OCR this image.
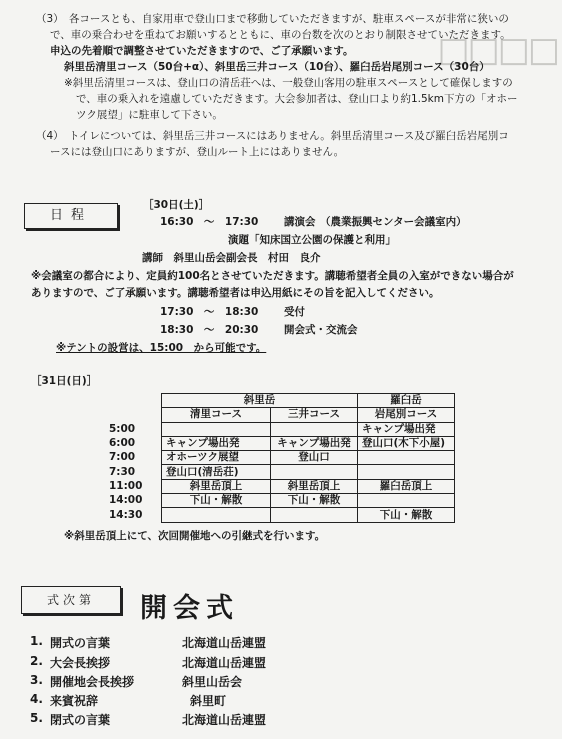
□□□□
（3）　各コースとも、自家用車で登山口まで移動していただきますが、駐車スペースが非常に狭いの
で、車の乗合わせを重ねてお願いするとともに、車の台数を次のとおり制限させていただきます。
申込の先着順で調整させていただきますので、ご了承願います。
斜里岳清里コース（50台+α）、斜里岳三井コース（10台）、羅臼岳岩尾別コース（30台）
※斜里岳清里コースは、登山口の清岳荘へは、一般登山客用の駐車スペースとして確保しますの
で、車の乗入れを遠慮していただきます。大会参加者は、登山口より約1.5km下方の「オホー
ツク展望」に駐車して下さい。
（4）　トイレについては、斜里岳三井コースにはありません。斜里岳清里コース及び羅臼岳岩尾別コ
ースには登山口にありますが、登山ルート上にはありません。
日程
［30日(土)］
16:30　～　17:30 講演会 （農業振興センター会議室内）
演題「知床国立公園の保護と利用」
講師　斜里山岳会副会長　村田　良介
※会議室の都合により、定員約100名とさせていただきます。講聴希望者全員の入室ができない場合が
ありますので、ご了承願います。講聴希望者は申込用紙にその旨を記入してください。
17:30　～　18:30 受付
18:30　～　20:30 開会式・交流会
※テントの設営は、15:00　から可能です。
［31日(日)］
	斜里岳		羅臼岳
	清里コース	三井コース	岩尾別コース
5:00			キャンプ場出発
6:00	キャンプ場出発	キャンプ場出発	登山口(木下小屋)
7:00	オホーツク展望	登山口	
7:30	登山口(清岳荘)		
11:00	斜里岳頂上	斜里岳頂上	羅臼岳頂上
14:00	下山・解散	下山・解散	
14:30			下山・解散
※斜里岳頂上にて、次回開催地への引継式を行います。
式次第	開会式
1. 開式の言葉	北海道山岳連盟
2. 大会長挨拶	北海道山岳連盟
3. 開催地会長挨拶	斜里山岳会
4. 来賓祝辞	斜里町
5. 閉式の言葉	北海道山岳連盟
